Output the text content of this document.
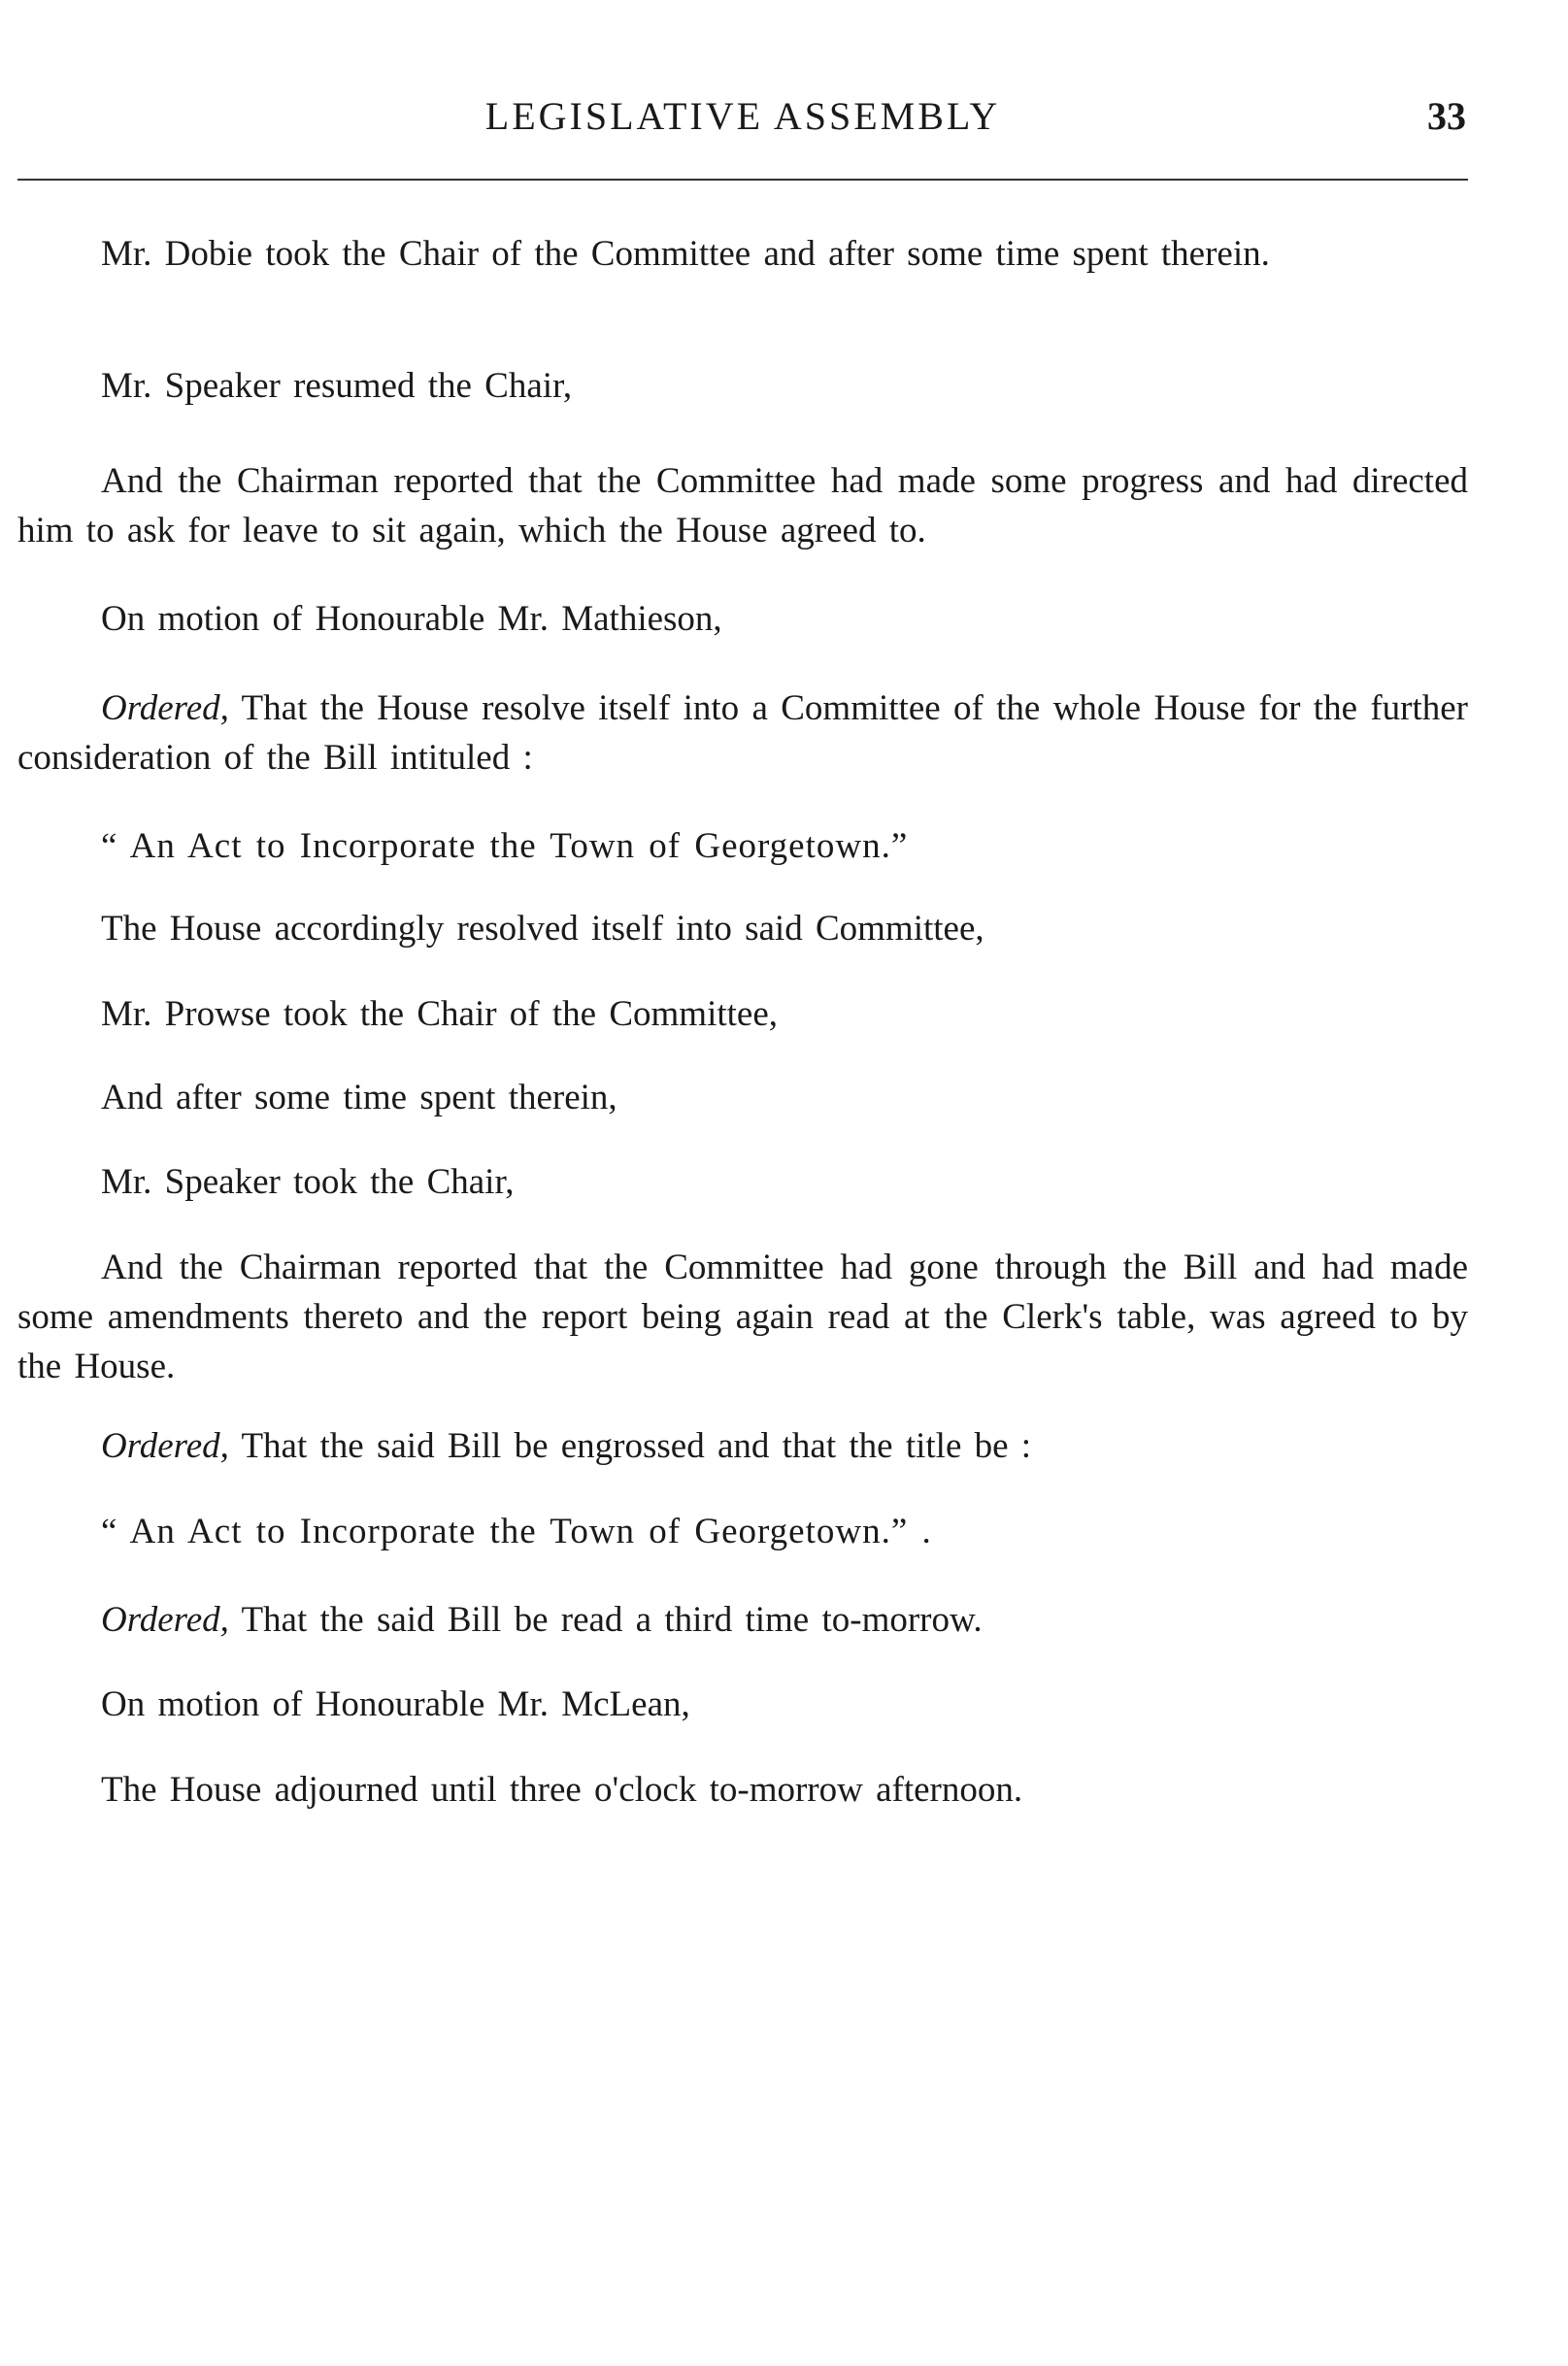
LEGISLATIVE ASSEMBLY	33

Mr. Dobie took the Chair of the Committee and after some time spent therein.

Mr. Speaker resumed the Chair,

And the Chairman reported that the Committee had made some progress and had directed him to ask for leave to sit again, which the House agreed to.

On motion of Honourable Mr. Mathieson,

Ordered, That the House resolve itself into a Committee of the whole House for the further consideration of the Bill intituled :

“ An Act to Incorporate the Town of Georgetown.”

The House accordingly resolved itself into said Committee,

Mr. Prowse took the Chair of the Committee,

And after some time spent therein,

Mr. Speaker took the Chair,

And the Chairman reported that the Committee had gone through the Bill and had made some amendments thereto and the report being again read at the Clerk's table, was agreed to by the House.

Ordered, That the said Bill be engrossed and that the title be :

“ An Act to Incorporate the Town of Georgetown.” .

Ordered, That the said Bill be read a third time to-morrow.

On motion of Honourable Mr. McLean,

The House adjourned until three o'clock to-morrow afternoon.
